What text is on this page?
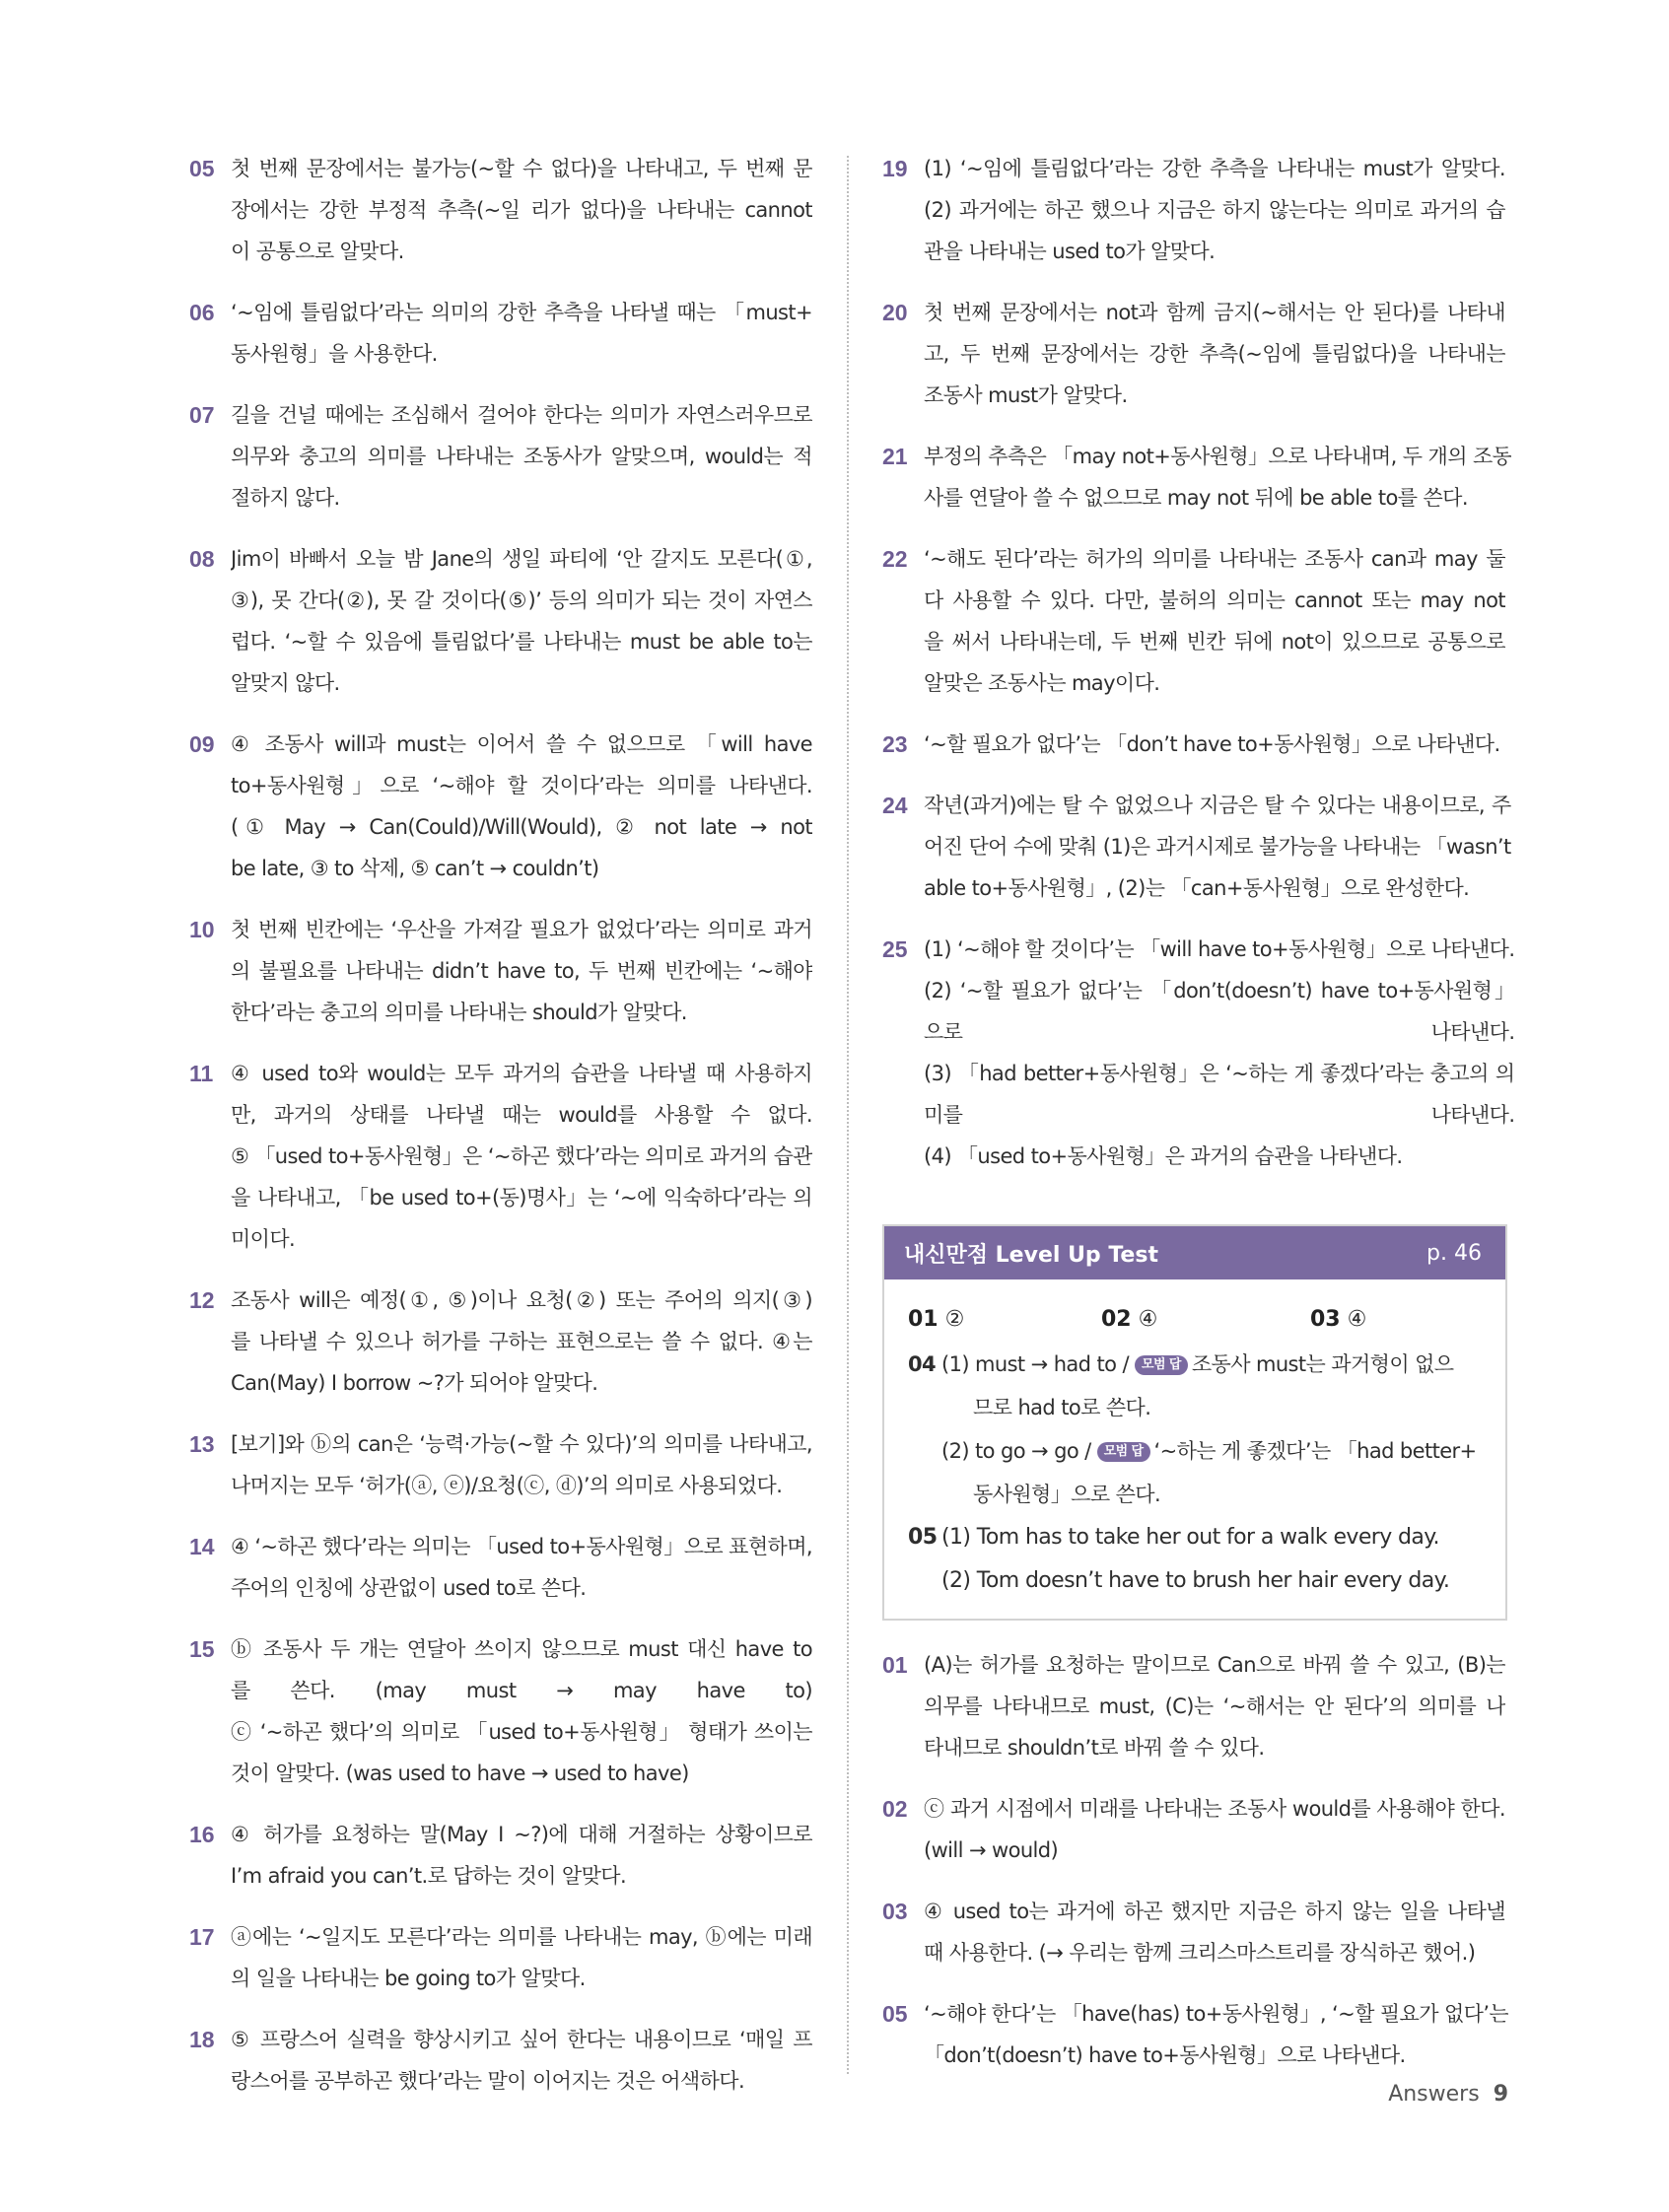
05 첫 번째 문장에서는 불가능(~할 수 없다)을 나타내고, 두 번째 문
장에서는 강한 부정적 추측(~일 리가 없다)을 나타내는 cannot
이 공통으로 알맞다.
06 ‘~임에 틀림없다’라는 의미의 강한 추측을 나타낼 때는 「must+
동사원형」을 사용한다.
07 길을 건널 때에는 조심해서 걸어야 한다는 의미가 자연스러우므로
의무와 충고의 의미를 나타내는 조동사가 알맞으며, would는 적
절하지 않다.
08 Jim이 바빠서 오늘 밤 Jane의 생일 파티에 ‘안 갈지도 모른다(①,
③), 못 간다(②), 못 갈 것이다(⑤)’ 등의 의미가 되는 것이 자연스
럽다. ‘~할 수 있음에 틀림없다’를 나타내는 must be able to는
알맞지 않다.
09 ④ 조동사 will과 must는 이어서 쓸 수 없으므로 「will have
to+동사원형」으로 ‘~해야 할 것이다’라는 의미를 나타낸다.
(① May → Can(Could)/Will(Would), ② not late → not
be late, ③ to 삭제, ⑤ can’t → couldn’t)
10 첫 번째 빈칸에는 ‘우산을 가져갈 필요가 없었다’라는 의미로 과거
의 불필요를 나타내는 didn’t have to, 두 번째 빈칸에는 ‘~해야
한다’라는 충고의 의미를 나타내는 should가 알맞다.
11 ④ used to와 would는 모두 과거의 습관을 나타낼 때 사용하지
만, 과거의 상태를 나타낼 때는 would를 사용할 수 없다.
⑤ 「used to+동사원형」은 ‘~하곤 했다’라는 의미로 과거의 습관
을 나타내고, 「be used to+(동)명사」는 ‘~에 익숙하다’라는 의
미이다.
12 조동사 will은 예정(①, ⑤)이나 요청(②) 또는 주어의 의지(③)
를 나타낼 수 있으나 허가를 구하는 표현으로는 쓸 수 없다. ④는
Can(May) I borrow ~?가 되어야 알맞다.
13 [보기]와 ⓑ의 can은 ‘능력·가능(~할 수 있다)’의 의미를 나타내고,
나머지는 모두 ‘허가(ⓐ, ⓔ)/요청(ⓒ, ⓓ)’의 의미로 사용되었다.
14 ④ ‘~하곤 했다’라는 의미는 「used to+동사원형」으로 표현하며,
주어의 인칭에 상관없이 used to로 쓴다.
15 ⓑ 조동사 두 개는 연달아 쓰이지 않으므로 must 대신 have to
를 쓴다. (may must → may have to)
ⓒ ‘~하곤 했다’의 의미로 「used to+동사원형」 형태가 쓰이는
것이 알맞다. (was used to have → used to have)
16 ④ 허가를 요청하는 말(May I ~?)에 대해 거절하는 상황이므로
I’m afraid you can’t.로 답하는 것이 알맞다.
17 ⓐ에는 ‘~일지도 모른다’라는 의미를 나타내는 may, ⓑ에는 미래
의 일을 나타내는 be going to가 알맞다.
18 ⑤ 프랑스어 실력을 향상시키고 싶어 한다는 내용이므로 ‘매일 프
랑스어를 공부하곤 했다’라는 말이 이어지는 것은 어색하다.
19 (1) ‘~임에 틀림없다’라는 강한 추측을 나타내는 must가 알맞다.
(2) 과거에는 하곤 했으나 지금은 하지 않는다는 의미로 과거의 습
관을 나타내는 used to가 알맞다.
20 첫 번째 문장에서는 not과 함께 금지(~해서는 안 된다)를 나타내
고, 두 번째 문장에서는 강한 추측(~임에 틀림없다)을 나타내는
조동사 must가 알맞다.
21 부정의 추측은 「may not+동사원형」으로 나타내며, 두 개의 조동
사를 연달아 쓸 수 없으므로 may not 뒤에 be able to를 쓴다.
22 ‘~해도 된다’라는 허가의 의미를 나타내는 조동사 can과 may 둘
다 사용할 수 있다. 다만, 불허의 의미는 cannot 또는 may not
을 써서 나타내는데, 두 번째 빈칸 뒤에 not이 있으므로 공통으로
알맞은 조동사는 may이다.
23 ‘~할 필요가 없다’는 「don’t have to+동사원형」으로 나타낸다.
24 작년(과거)에는 탈 수 없었으나 지금은 탈 수 있다는 내용이므로, 주
어진 단어 수에 맞춰 (1)은 과거시제로 불가능을 나타내는 「wasn’t
able to+동사원형」, (2)는 「can+동사원형」으로 완성한다.
25 (1) ‘~해야 할 것이다’는 「will have to+동사원형」으로 나타낸다.
(2) ‘~할 필요가 없다’는 「don’t(doesn’t) have to+동사원형」
으로 나타낸다.
(3) 「had better+동사원형」은 ‘~하는 게 좋겠다’라는 충고의 의
미를 나타낸다.
(4) 「used to+동사원형」은 과거의 습관을 나타낸다.
내신만점 Level Up Test	p. 46
01 ②	02 ④	03 ④
04 (1) must → had to / 모범 답 조동사 must는 과거형이 없으
므로 had to로 쓴다.
(2) to go → go / 모범 답 ‘~하는 게 좋겠다’는 「had better+
동사원형」으로 쓴다.
05 (1) Tom has to take her out for a walk every day.
(2) Tom doesn’t have to brush her hair every day.
01 (A)는 허가를 요청하는 말이므로 Can으로 바꿔 쓸 수 있고, (B)는
의무를 나타내므로 must, (C)는 ‘~해서는 안 된다’의 의미를 나
타내므로 shouldn’t로 바꿔 쓸 수 있다.
02 ⓒ 과거 시점에서 미래를 나타내는 조동사 would를 사용해야 한다.
(will → would)
03 ④ used to는 과거에 하곤 했지만 지금은 하지 않는 일을 나타낼
때 사용한다. (→ 우리는 함께 크리스마스트리를 장식하곤 했어.)
05 ‘~해야 한다’는 「have(has) to+동사원형」, ‘~할 필요가 없다’는
「don’t(doesn’t) have to+동사원형」으로 나타낸다.
Answers 9
